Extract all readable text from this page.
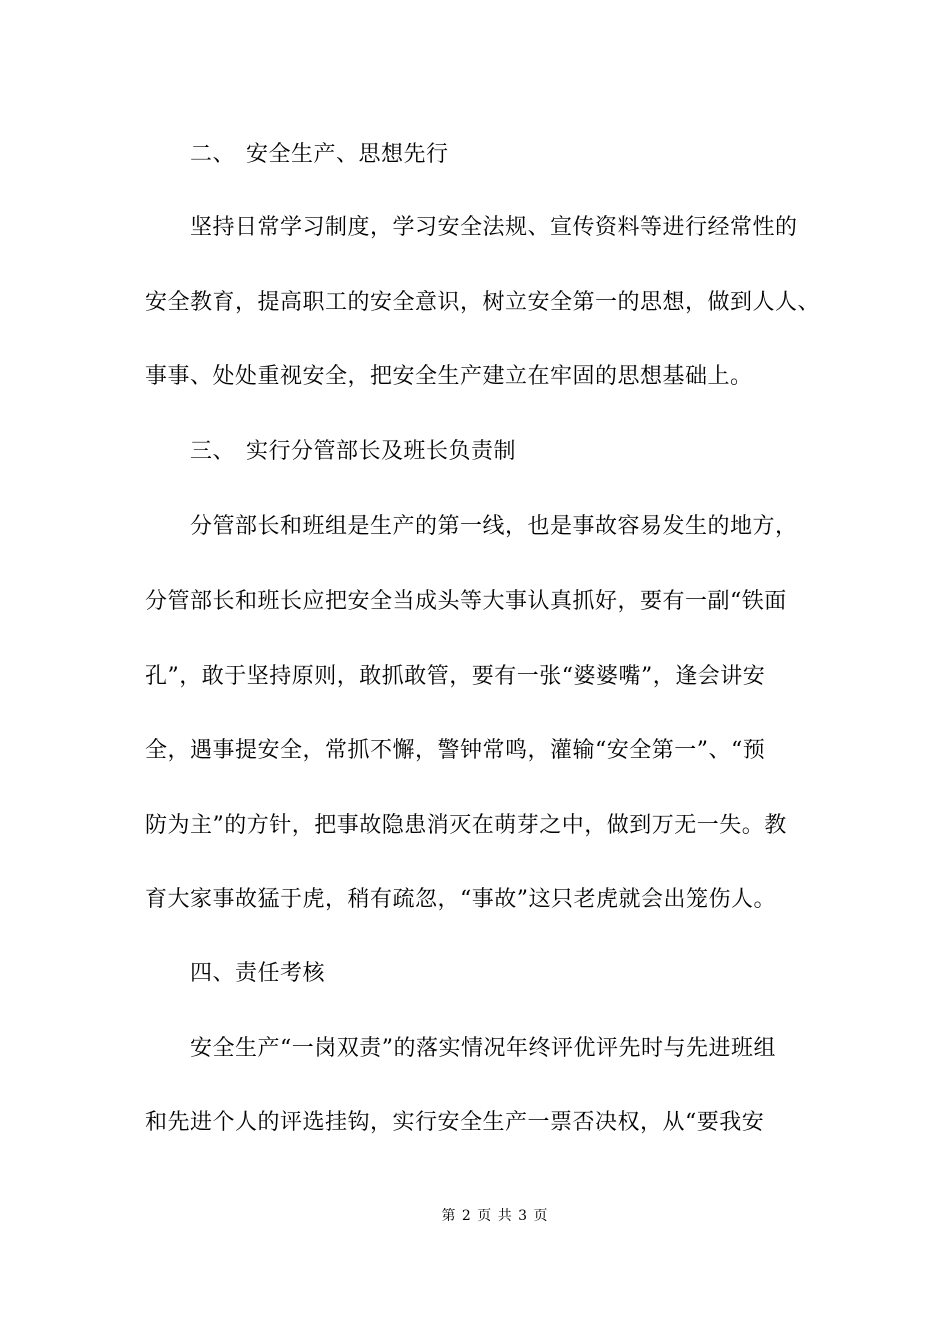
二、 安全生产、思想先行
坚持日常学习制度，学习安全法规、宣传资料等进行经常性的
安全教育，提高职工的安全意识，树立安全第一的思想，做到人人、
事事、处处重视安全，把安全生产建立在牢固的思想基础上。
三、 实行分管部长及班长负责制
分管部长和班组是生产的第一线，也是事故容易发生的地方，
分管部长和班长应把安全当成头等大事认真抓好，要有一副“铁面
孔”，敢于坚持原则，敢抓敢管，要有一张“婆婆嘴”，逢会讲安
全，遇事提安全，常抓不懈，警钟常鸣，灌输“安全第一”、“预
防为主”的方针，把事故隐患消灭在萌芽之中，做到万无一失。教
育大家事故猛于虎，稍有疏忽，“事故”这只老虎就会出笼伤人。
四、责任考核
安全生产“一岗双责”的落实情况年终评优评先时与先进班组
和先进个人的评选挂钩，实行安全生产一票否决权，从“要我安
第 2 页 共 3 页
